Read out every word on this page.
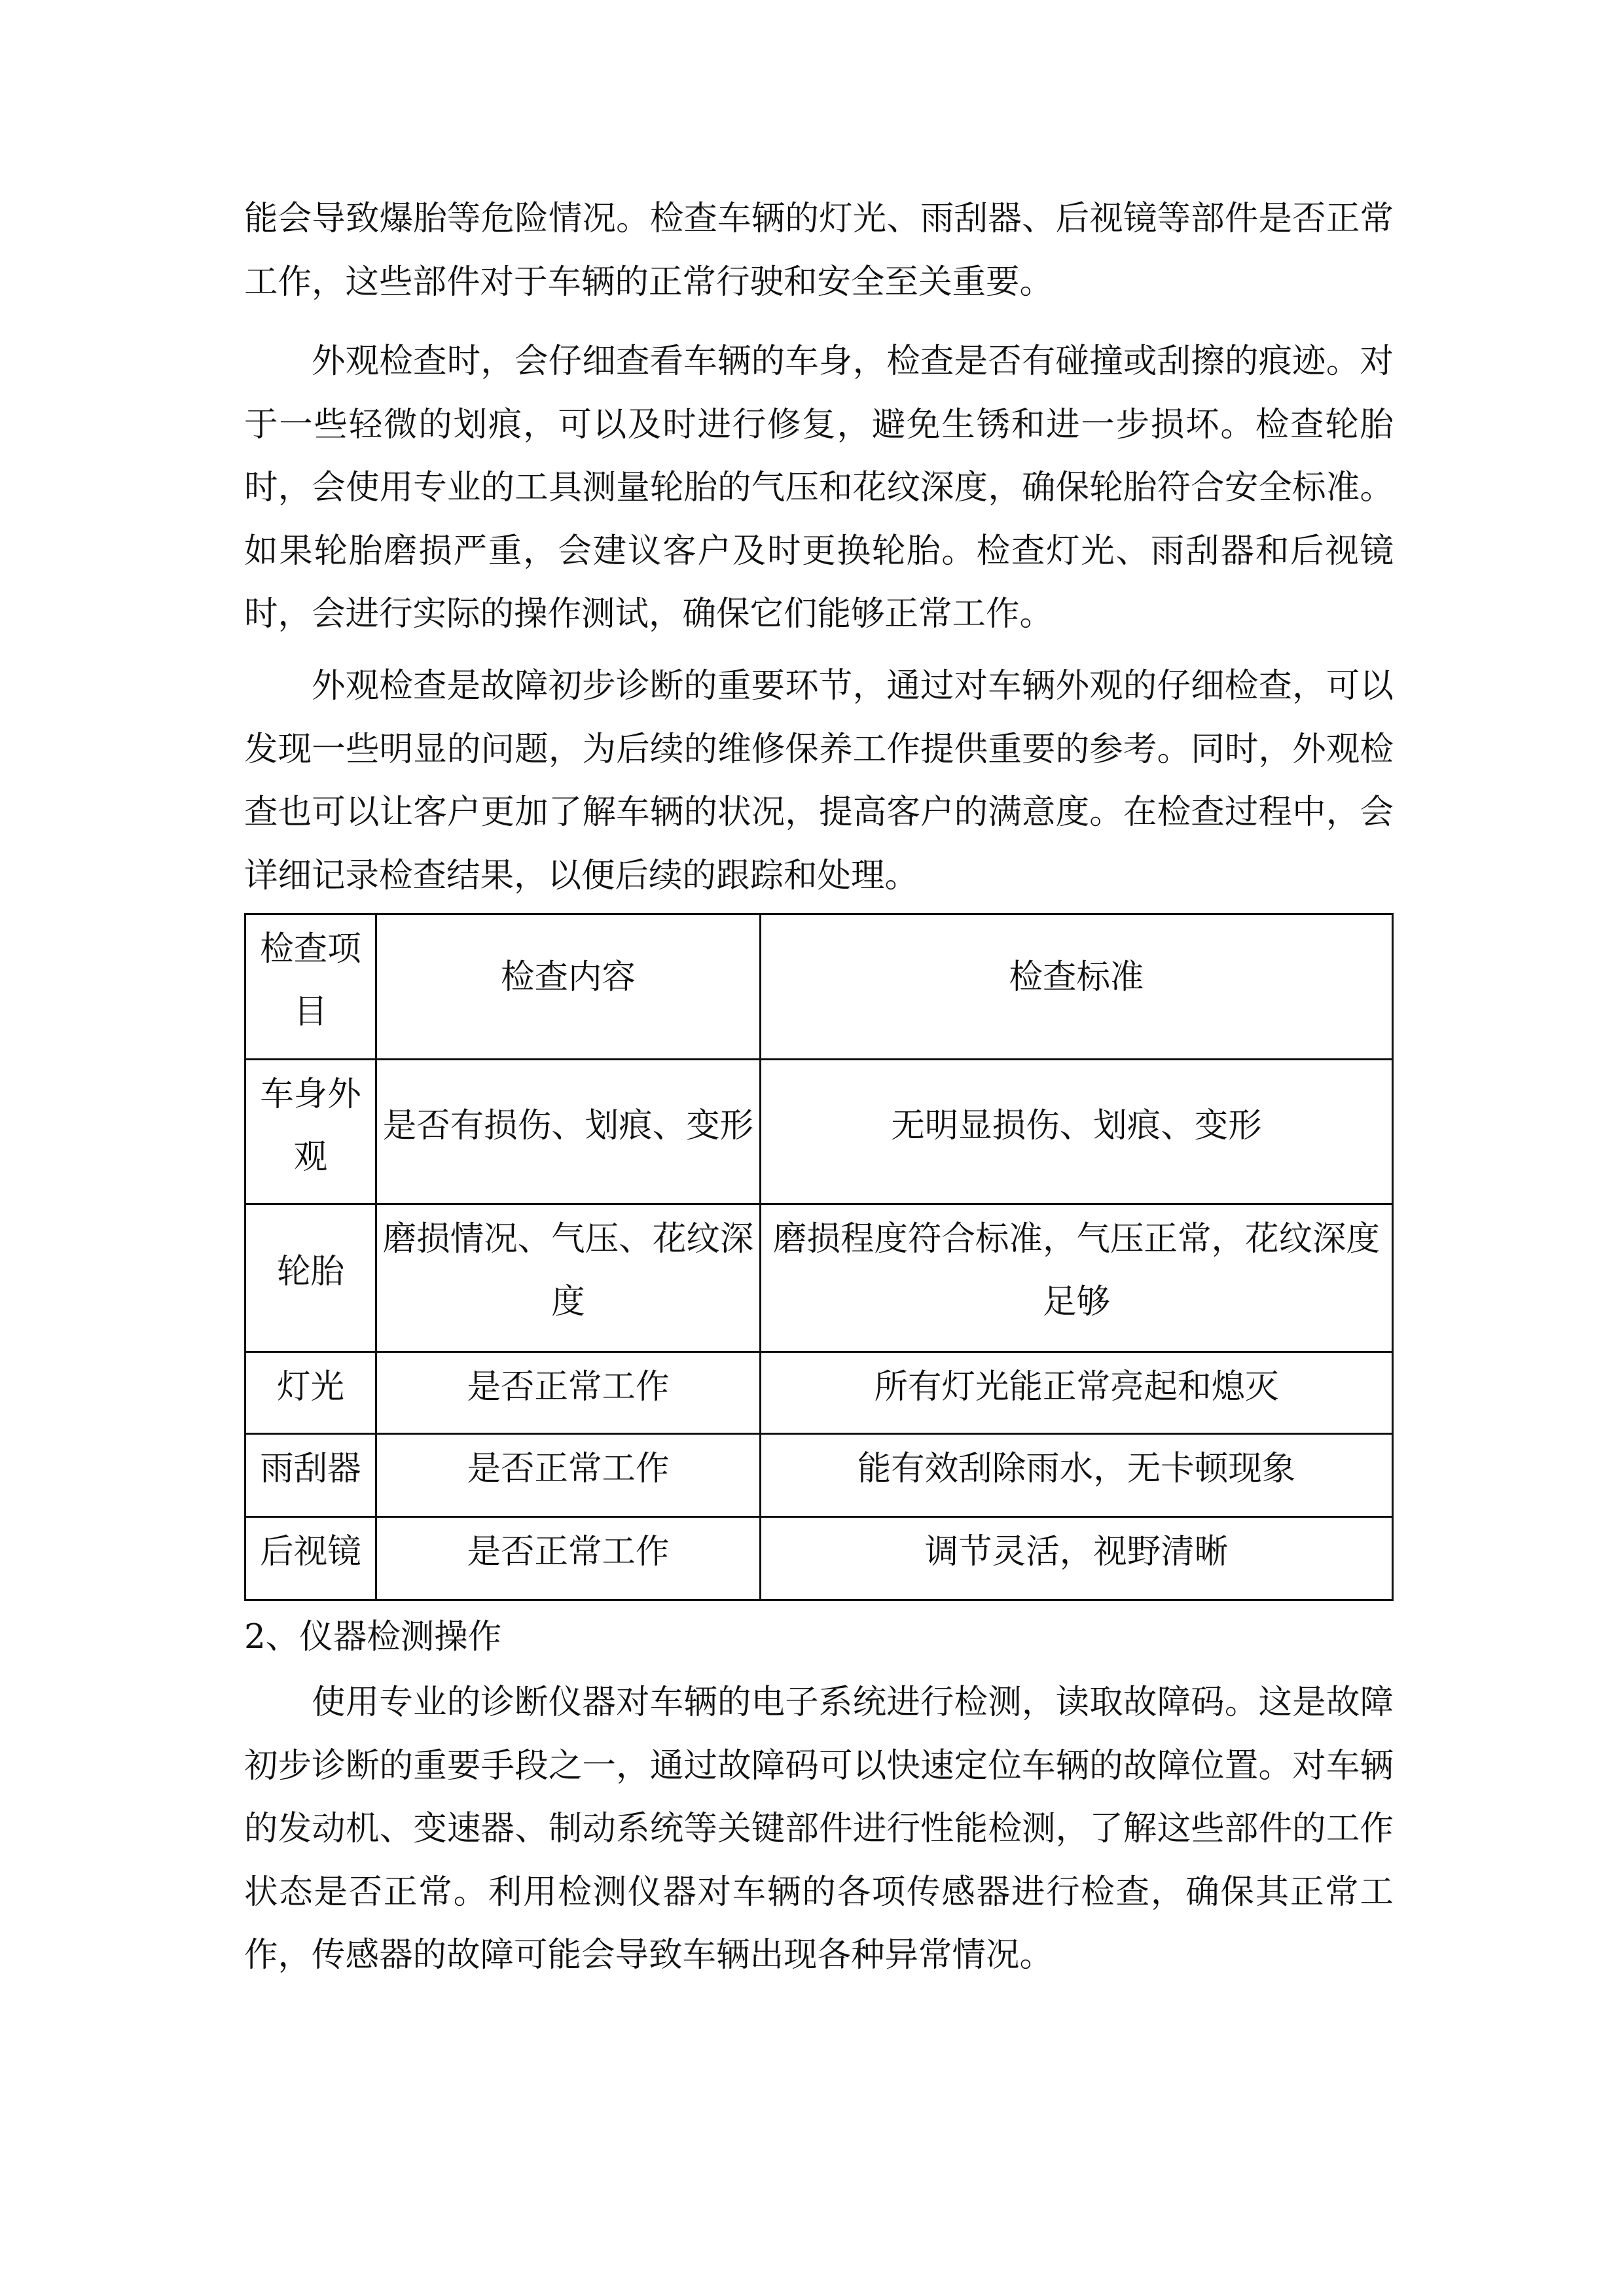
能会导致爆胎等危险情况。检查车辆的灯光、雨刮器、后视镜等部件是否正常工作，这些部件对于车辆的正常行驶和安全至关重要。

外观检查时，会仔细查看车辆的车身，检查是否有碰撞或刮擦的痕迹。对于一些轻微的划痕，可以及时进行修复，避免生锈和进一步损坏。检查轮胎时，会使用专业的工具测量轮胎的气压和花纹深度，确保轮胎符合安全标准。如果轮胎磨损严重，会建议客户及时更换轮胎。检查灯光、雨刮器和后视镜时，会进行实际的操作测试，确保它们能够正常工作。

外观检查是故障初步诊断的重要环节，通过对车辆外观的仔细检查，可以发现一些明显的问题，为后续的维修保养工作提供重要的参考。同时，外观检查也可以让客户更加了解车辆的状况，提高客户的满意度。在检查过程中，会详细记录检查结果，以便后续的跟踪和处理。

检查项目	检查内容	检查标准

车身外观	是否有损伤、划痕、变形	无明显损伤、划痕、变形

轮胎	磨损情况、气压、花纹深度	磨损程度符合标准，气压正常，花纹深度足够

灯光	是否正常工作	所有灯光能正常亮起和熄灭

雨刮器	是否正常工作	能有效刮除雨水，无卡顿现象

后视镜	是否正常工作	调节灵活，视野清晰

2、仪器检测操作

使用专业的诊断仪器对车辆的电子系统进行检测，读取故障码。这是故障初步诊断的重要手段之一，通过故障码可以快速定位车辆的故障位置。对车辆的发动机、变速器、制动系统等关键部件进行性能检测，了解这些部件的工作状态是否正常。利用检测仪器对车辆的各项传感器进行检查，确保其正常工作，传感器的故障可能会导致车辆出现各种异常情况。
